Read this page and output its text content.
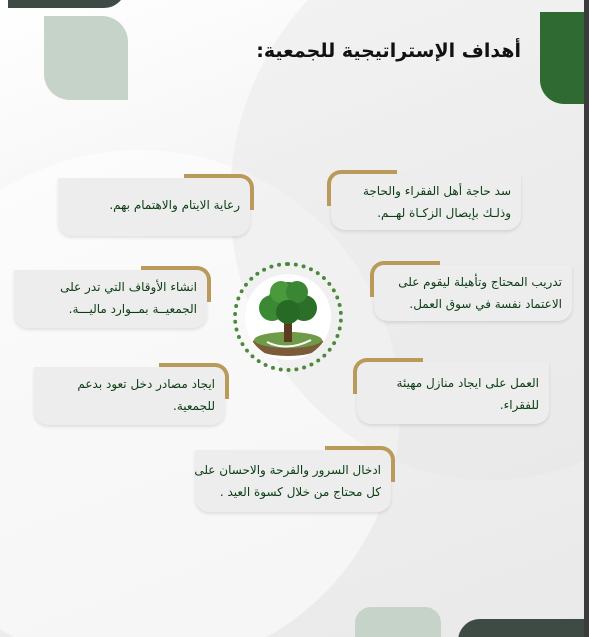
أهداف الإستراتيجية للجمعية:
سد حاجة أهل الفقراء والحاجة
وذلـك بإيصال الزكـاة لهــم.
رعاية الايتام والاهتمام بهم.
تدريب المحتاج وتأهيلة ليقوم على
الاعتماد نفسة في سوق العمل.
انشاء الأوقاف التي تدر على
الجمعيــة بمــوارد ماليـــة.
العمل على ايجاد منازل مهيئة
للفقراء.
ايجاد مصادر دخل تعود بدعم
للجمعية.
ادخال السرور والفرحة والاحسان على
كل محتاج من خلال كسوة العيد .
